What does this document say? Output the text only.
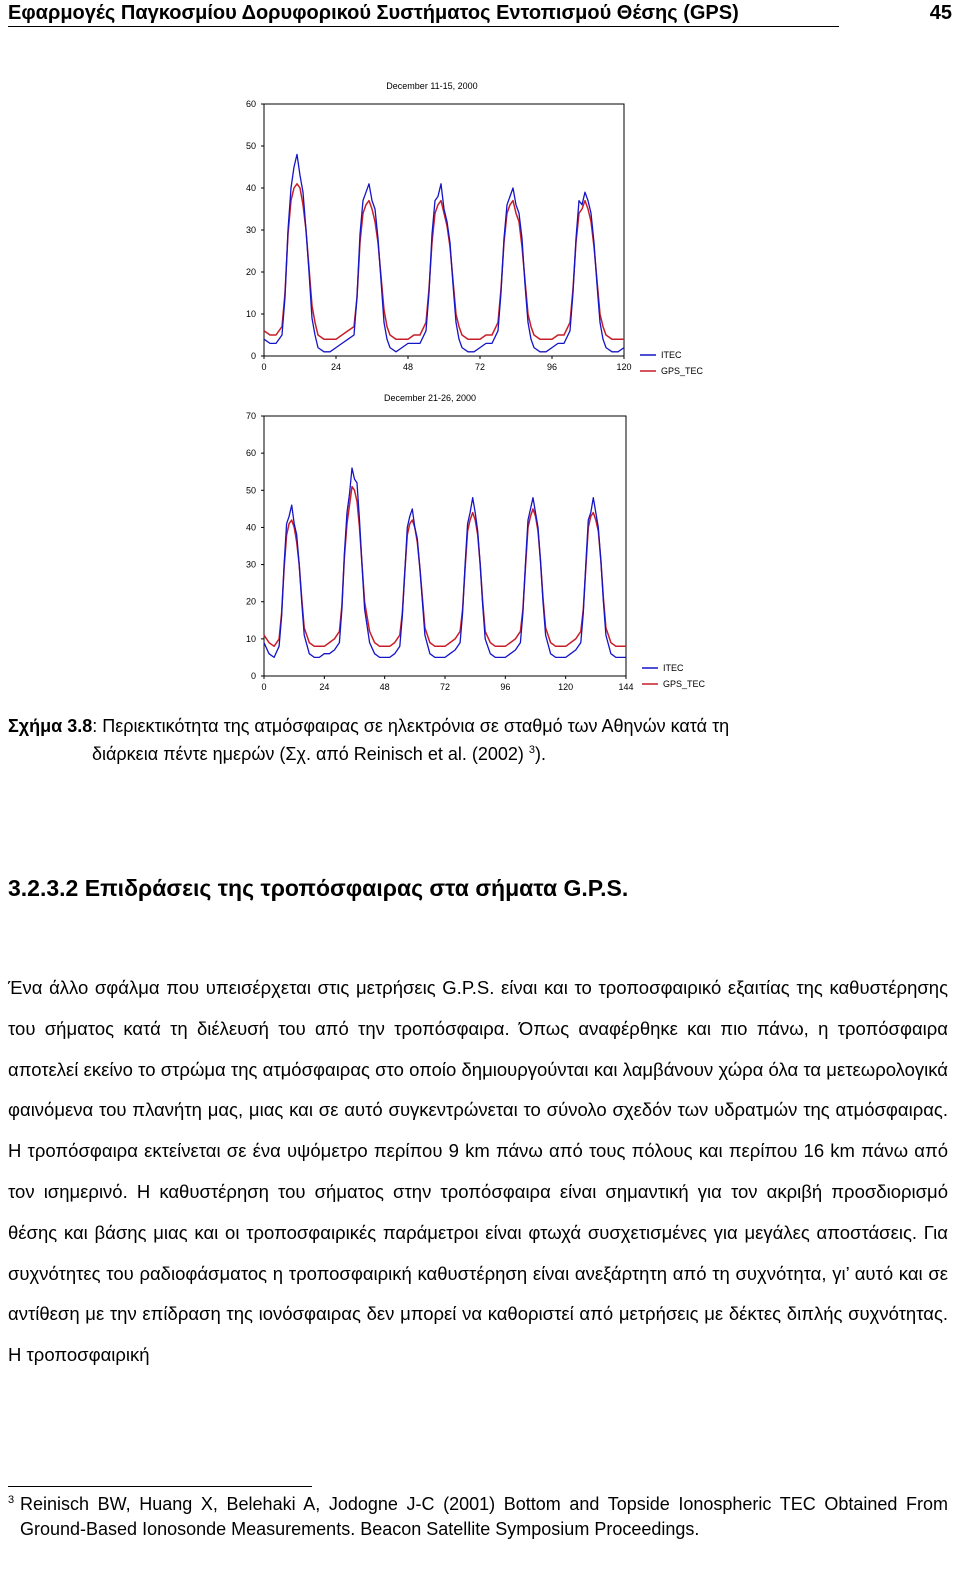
Εφαρμογές Παγκοσμίου Δορυφορικού Συστήματος Εντοπισμού Θέσης (GPS)	45
December 11-15, 2000
0
10
20
30
40
50
60
0	24	48	72	96	120
ITEC
GPS_TEC
December 21-26, 2000
0
10
20
30
40
50
60
70
0	24	48	72	96	120	144
ITEC
GPS_TEC
Σχήμα 3.8: Περιεκτικότητα της ατμόσφαιρας σε ηλεκτρόνια σε σταθμό των Αθηνών κατά τη
διάρκεια πέντε ημερών (Σχ. από Reinisch et al. (2002) $^3$).
3.2.3.2 Επιδράσεις της τροπόσφαιρας στα σήματα G.P.S.

Ένα άλλο σφάλμα που υπεισέρχεται στις μετρήσεις G.P.S. είναι και το τροποσφαιρικό εξαιτίας της καθυστέρησης του σήματος κατά τη διέλευσή του από την τροπόσφαιρα. Όπως αναφέρθηκε και πιο πάνω, η τροπόσφαιρα αποτελεί εκείνο το στρώμα της ατμόσφαιρας στο οποίο δημιουργούνται και λαμβάνουν χώρα όλα τα μετεωρολογικά φαινόμενα του πλανήτη μας, μιας και σε αυτό συγκεντρώνεται το σύνολο σχεδόν των υδρατμών της ατμόσφαιρας. Η τροπόσφαιρα εκτείνεται σε ένα υψόμετρο περίπου 9 km πάνω από τους πόλους και περίπου 16 km πάνω από τον ισημερινό. Η καθυστέρηση του σήματος στην τροπόσφαιρα είναι σημαντική για τον ακριβή προσδιορισμό θέσης και βάσης μιας και οι τροποσφαιρικές παράμετροι είναι φτωχά συσχετισμένες για μεγάλες αποστάσεις. Για συχνότητες του ραδιοφάσματος η τροποσφαιρική καθυστέρηση είναι ανεξάρτητη από τη συχνότητα, γι’ αυτό και σε αντίθεση με την επίδραση της ιονόσφαιρας δεν μπορεί να καθοριστεί από μετρήσεις με δέκτες διπλής συχνότητας. Η τροποσφαιρική

3 Reinisch BW, Huang X, Belehaki A, Jodogne J-C (2001) Bottom and Topside Ionospheric TEC Obtained From Ground-Based Ionosonde Measurements. Beacon Satellite Symposium Proceedings.
